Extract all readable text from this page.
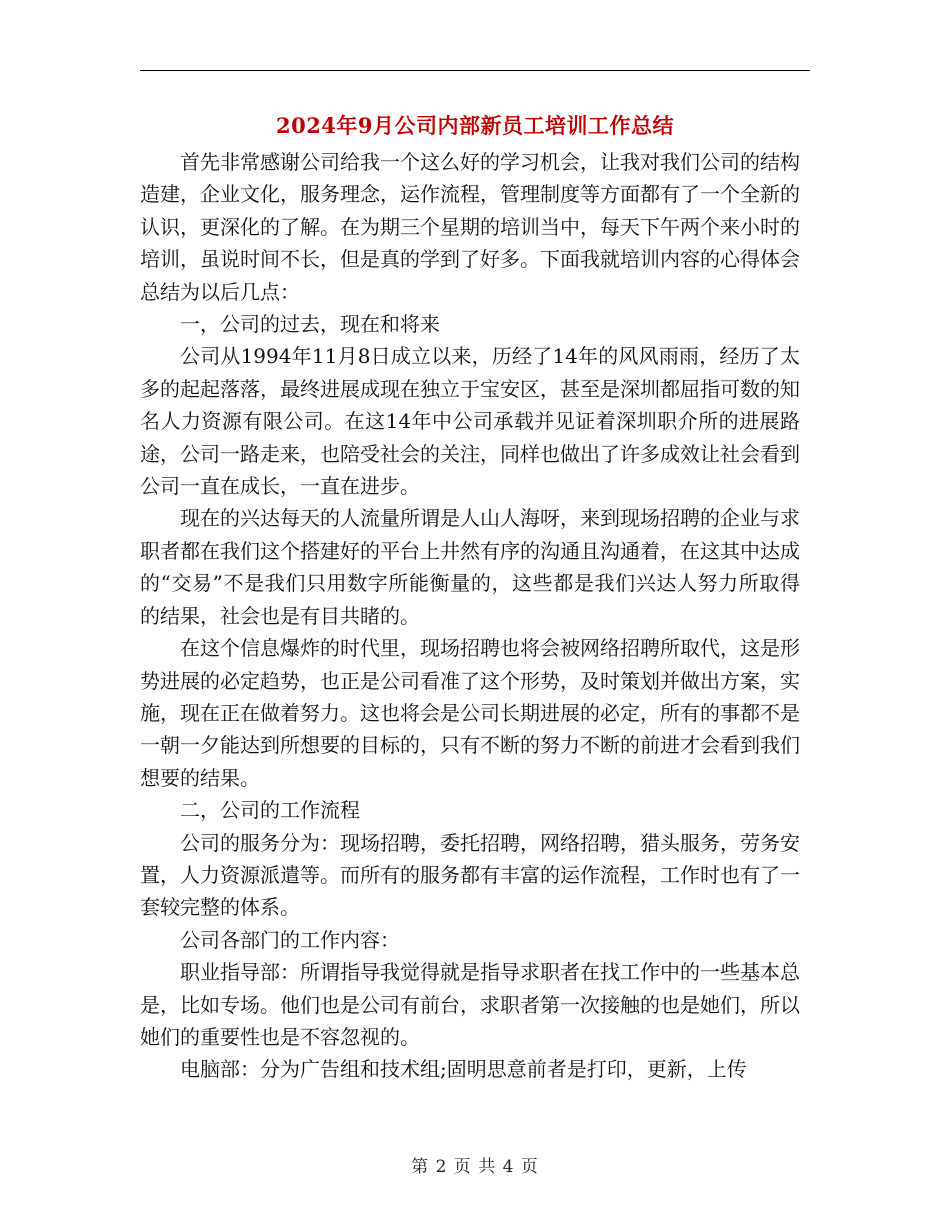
2024年9月公司内部新员工培训工作总结

首先非常感谢公司给我一个这么好的学习机会，让我对我们公司的结构造建，企业文化，服务理念，运作流程，管理制度等方面都有了一个全新的认识，更深化的了解。在为期三个星期的培训当中，每天下午两个来小时的培训，虽说时间不长，但是真的学到了好多。下面我就培训内容的心得体会总结为以后几点：

一，公司的过去，现在和将来

公司从1994年11月8日成立以来，历经了14年的风风雨雨，经历了太多的起起落落，最终进展成现在独立于宝安区，甚至是深圳都屈指可数的知名人力资源有限公司。在这14年中公司承载并见证着深圳职介所的进展路途，公司一路走来，也陪受社会的关注，同样也做出了许多成效让社会看到公司一直在成长，一直在进步。

现在的兴达每天的人流量所谓是人山人海呀，来到现场招聘的企业与求职者都在我们这个搭建好的平台上井然有序的沟通且沟通着，在这其中达成的“交易”不是我们只用数字所能衡量的，这些都是我们兴达人努力所取得的结果，社会也是有目共睹的。

在这个信息爆炸的时代里，现场招聘也将会被网络招聘所取代，这是形势进展的必定趋势，也正是公司看准了这个形势，及时策划并做出方案，实施，现在正在做着努力。这也将会是公司长期进展的必定，所有的事都不是一朝一夕能达到所想要的目标的，只有不断的努力不断的前进才会看到我们想要的结果。

二，公司的工作流程

公司的服务分为：现场招聘，委托招聘，网络招聘，猎头服务，劳务安置，人力资源派遣等。而所有的服务都有丰富的运作流程，工作时也有了一套较完整的体系。

公司各部门的工作内容：

职业指导部：所谓指导我觉得就是指导求职者在找工作中的一些基本总是，比如专场。他们也是公司有前台，求职者第一次接触的也是她们，所以她们的重要性也是不容忽视的。

电脑部：分为广告组和技术组;固明思意前者是打印，更新，上传

第 2 页 共 4 页
